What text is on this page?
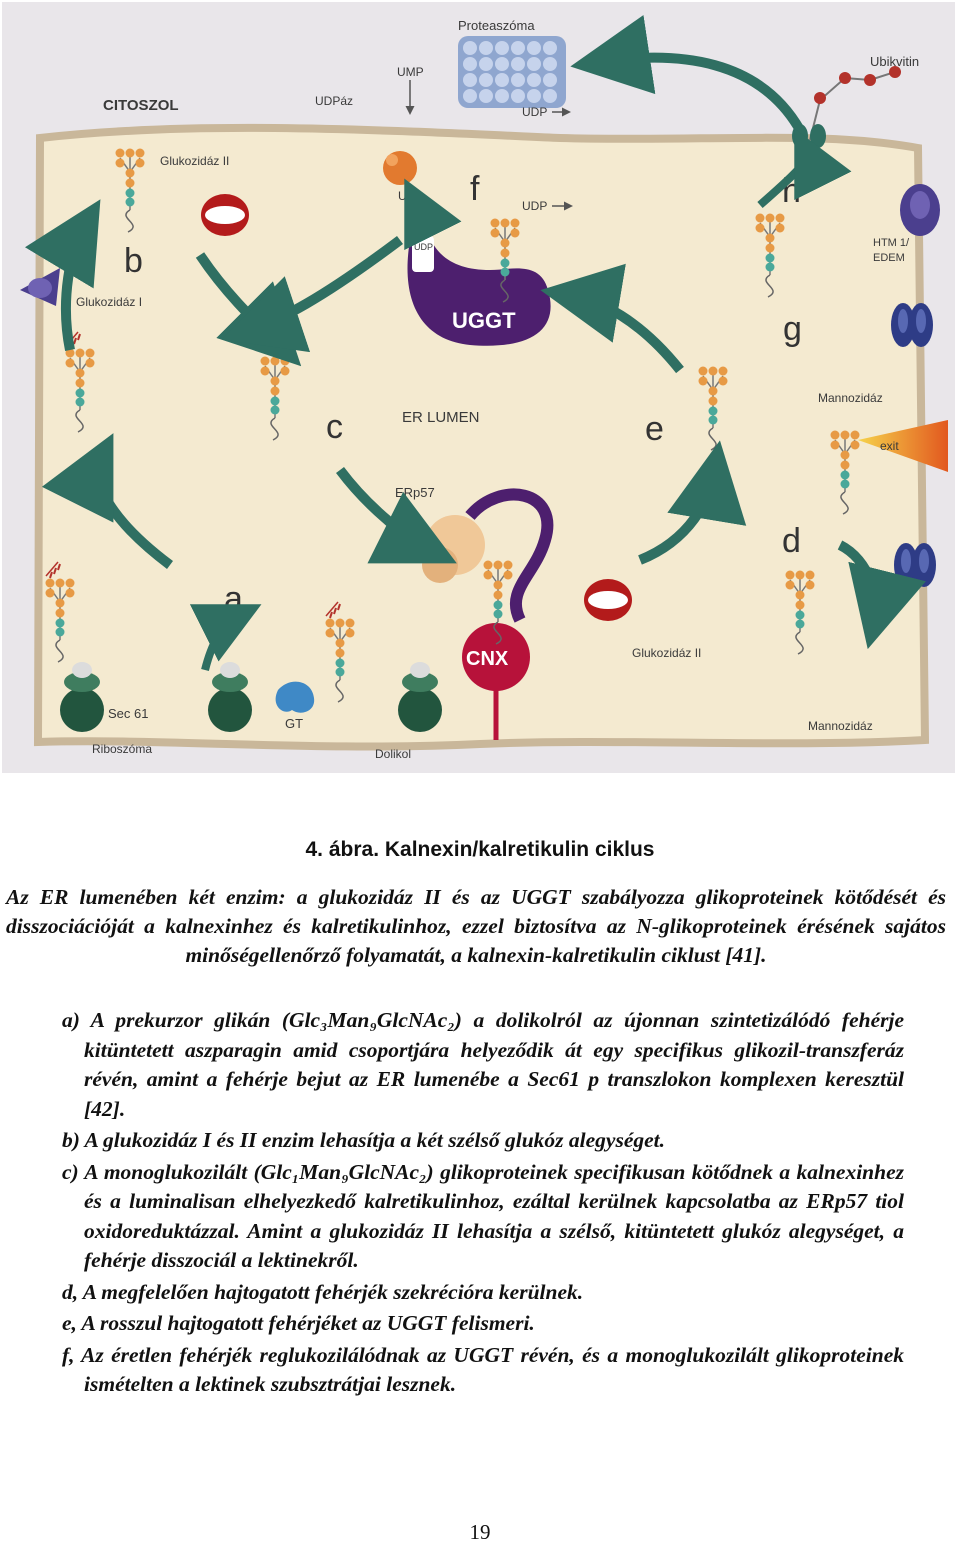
Proteaszóma
Ubikvitin
CITOSZOL
UMP
UDPáz
UDP
UDP
UDP
f	h
b
g
c	e
d
a
Glukozidáz II
Glukozidáz I
UGGT
UDP
ER LUMEN
HTM 1/
EDEM
Mannozidáz
exit
Mannozidáz
Glukozidáz II
ERp57
CNX
Sec 61
Riboszóma
GT
Dolikol
4. ábra. Kalnexin/kalretikulin ciklus
Az ER lumenében két enzim: a glukozidáz II és az UGGT szabályozza glikoproteinek kötődését és disszociációját a kalnexinhez és kalretikulinhoz, ezzel biztosítva az N-glikoproteinek érésének sajátos minőségellenőrző folyamatát, a kalnexin-kalretikulin ciklust [41].
a) A prekurzor glikán (Glc₃Man₉GlcNAc₂) a dolikolról az újonnan szintetizálódó fehérje kitüntetett aszparagin amid csoportjára helyeződik át egy specifikus glikozil-transzferáz révén, amint a fehérje bejut az ER lumenébe a Sec61 p transzlokon komplexen keresztül [42].
b) A glukozidáz I és II enzim lehasítja a két szélső glukóz alegységet.
c) A monoglukozilált (Glc₁Man₉GlcNAc₂) glikoproteinek specifikusan kötődnek a kalnexinhez és a luminalisan elhelyezkedő kalretikulinhoz, ezáltal kerülnek kapcsolatba az ERp57 tiol oxidoreduktázzal. Amint a glukozidáz II lehasítja a szélső, kitüntetett glukóz alegységet, a fehérje disszociál a lektinekről.
d, A megfelelően hajtogatott fehérjék szekrécióra kerülnek.
e, A rosszul hajtogatott fehérjéket az UGGT felismeri.
f, Az éretlen fehérjék reglukozilálódnak az UGGT révén, és a monoglukozilált glikoproteinek ismételten a lektinek szubsztrátjai lesznek.
19
